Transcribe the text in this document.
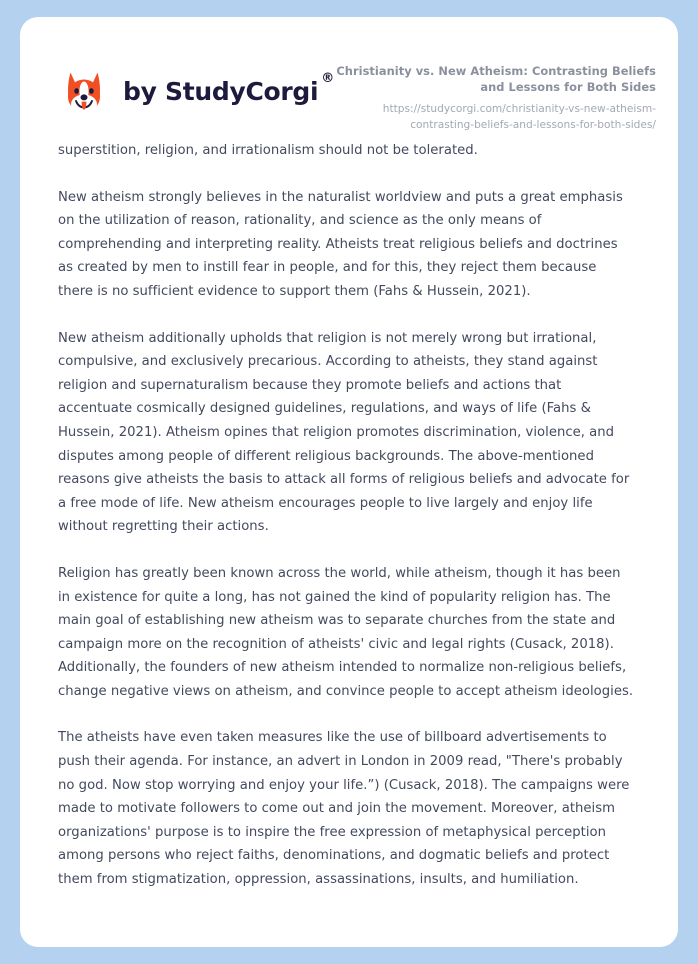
by StudyCorgi ® Christianity vs. New Atheism: Contrasting Beliefs and Lessons for Both Sides

https://studycorgi.com/christianity-vs-new-atheism-contrasting-beliefs-and-lessons-for-both-sides/

superstition, religion, and irrationalism should not be tolerated.

New atheism strongly believes in the naturalist worldview and puts a great emphasis on the utilization of reason, rationality, and science as the only means of comprehending and interpreting reality. Atheists treat religious beliefs and doctrines as created by men to instill fear in people, and for this, they reject them because there is no sufficient evidence to support them (Fahs & Hussein, 2021).

New atheism additionally upholds that religion is not merely wrong but irrational, compulsive, and exclusively precarious. According to atheists, they stand against religion and supernaturalism because they promote beliefs and actions that accentuate cosmically designed guidelines, regulations, and ways of life (Fahs & Hussein, 2021). Atheism opines that religion promotes discrimination, violence, and disputes among people of different religious backgrounds. The above-mentioned reasons give atheists the basis to attack all forms of religious beliefs and advocate for a free mode of life. New atheism encourages people to live largely and enjoy life without regretting their actions.

Religion has greatly been known across the world, while atheism, though it has been in existence for quite a long, has not gained the kind of popularity religion has. The main goal of establishing new atheism was to separate churches from the state and campaign more on the recognition of atheists' civic and legal rights (Cusack, 2018). Additionally, the founders of new atheism intended to normalize non-religious beliefs, change negative views on atheism, and convince people to accept atheism ideologies.

The atheists have even taken measures like the use of billboard advertisements to push their agenda. For instance, an advert in London in 2009 read, "There's probably no god. Now stop worrying and enjoy your life.”) (Cusack, 2018). The campaigns were made to motivate followers to come out and join the movement. Moreover, atheism organizations' purpose is to inspire the free expression of metaphysical perception among persons who reject faiths, denominations, and dogmatic beliefs and protect them from stigmatization, oppression, assassinations, insults, and humiliation.
